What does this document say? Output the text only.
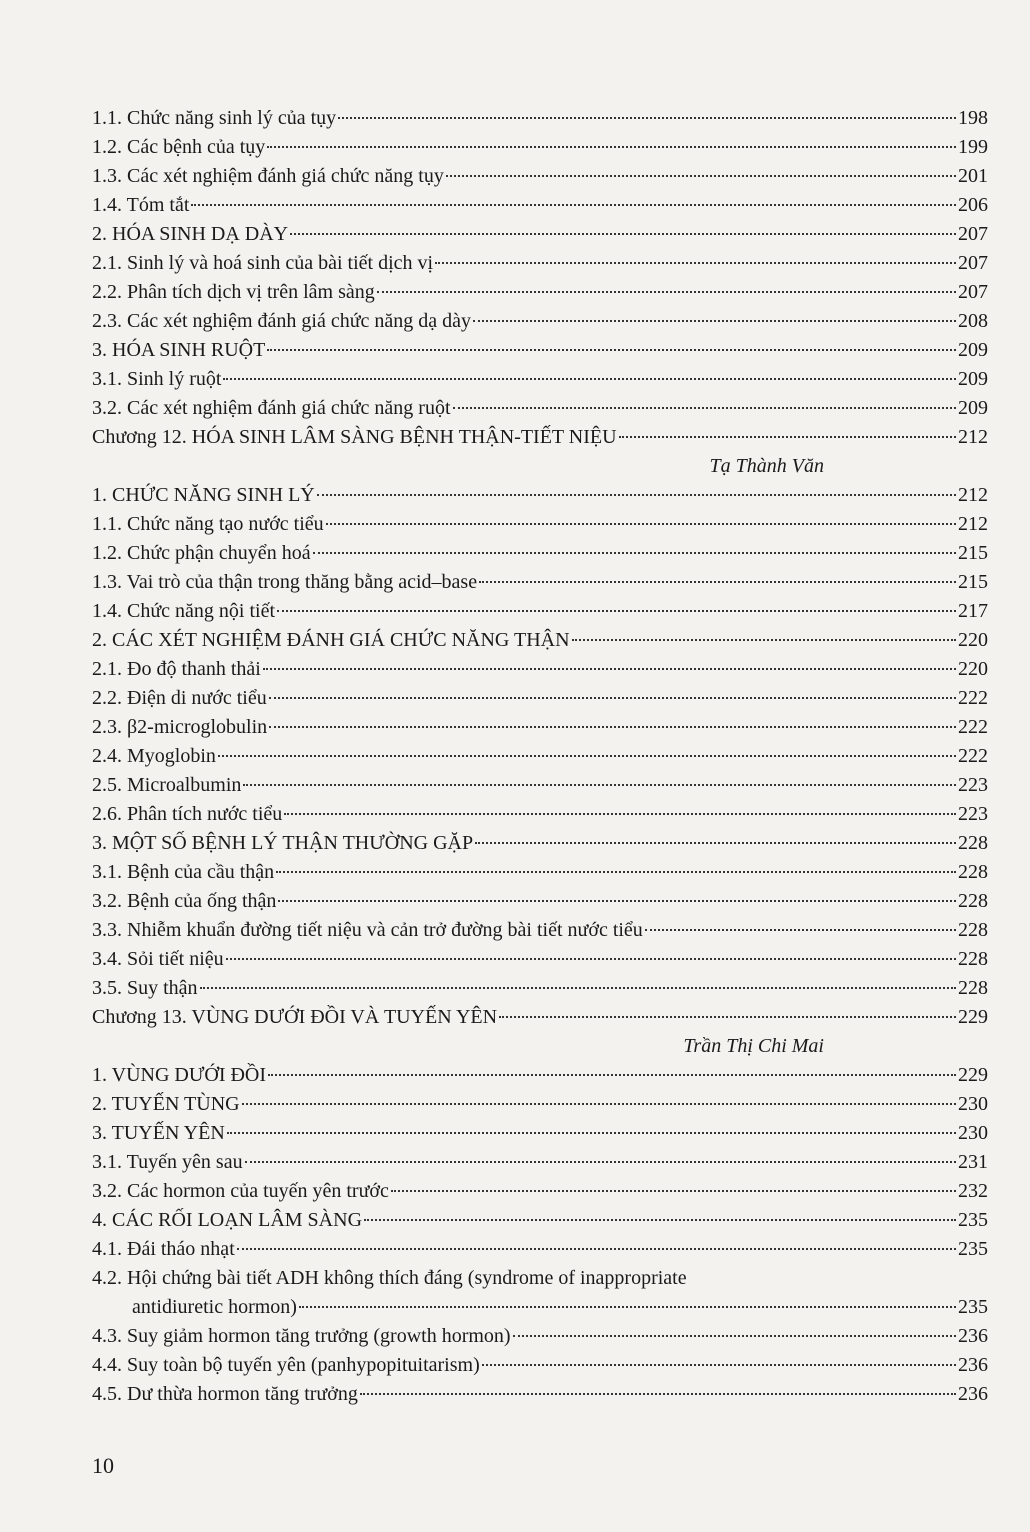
1.1. Chức năng sinh lý của tụy	198
1.2. Các bệnh của tụy	199
1.3. Các xét nghiệm đánh giá chức năng tụy	201
1.4. Tóm tắt	206
2. HÓA SINH DẠ DÀY	207
2.1. Sinh lý và hoá sinh của bài tiết dịch vị	207
2.2. Phân tích dịch vị trên lâm sàng	207
2.3. Các xét nghiệm đánh giá chức năng dạ dày	208
3. HÓA SINH RUỘT	209
3.1. Sinh lý ruột	209
3.2. Các xét nghiệm đánh giá chức năng ruột	209
Chương 12. HÓA SINH LÂM SÀNG BỆNH THẬN-TIẾT NIỆU	212
Tạ Thành Văn
1. CHỨC NĂNG SINH LÝ	212
1.1. Chức năng tạo nước tiểu	212
1.2. Chức phận chuyển hoá	215
1.3. Vai trò của thận trong thăng bằng acid–base	215
1.4. Chức năng nội tiết	217
2. CÁC XÉT NGHIỆM ĐÁNH GIÁ CHỨC NĂNG THẬN	220
2.1. Đo độ thanh thải	220
2.2. Điện di nước tiểu	222
2.3. β2-microglobulin	222
2.4. Myoglobin	222
2.5. Microalbumin	223
2.6. Phân tích nước tiểu	223
3. MỘT SỐ BỆNH LÝ THẬN THƯỜNG GẶP	228
3.1. Bệnh của cầu thận	228
3.2. Bệnh của ống thận	228
3.3. Nhiễm khuẩn đường tiết niệu và cản trở đường bài tiết nước tiểu	228
3.4. Sỏi tiết niệu	228
3.5. Suy thận	228
Chương 13. VÙNG DƯỚI ĐỒI VÀ TUYẾN YÊN	229
Trần Thị Chi Mai
1. VÙNG DƯỚI ĐỒI	229
2. TUYẾN TÙNG	230
3. TUYẾN YÊN	230
3.1. Tuyến yên sau	231
3.2. Các hormon của tuyến yên trước	232
4. CÁC RỐI LOẠN LÂM SÀNG	235
4.1. Đái tháo nhạt	235
4.2. Hội chứng bài tiết ADH không thích đáng (syndrome of inappropriate
antidiuretic hormon)	235
4.3. Suy giảm hormon tăng trưởng (growth hormon)	236
4.4. Suy toàn bộ tuyến yên (panhypopituitarism)	236
4.5. Dư thừa hormon tăng trưởng	236
10
